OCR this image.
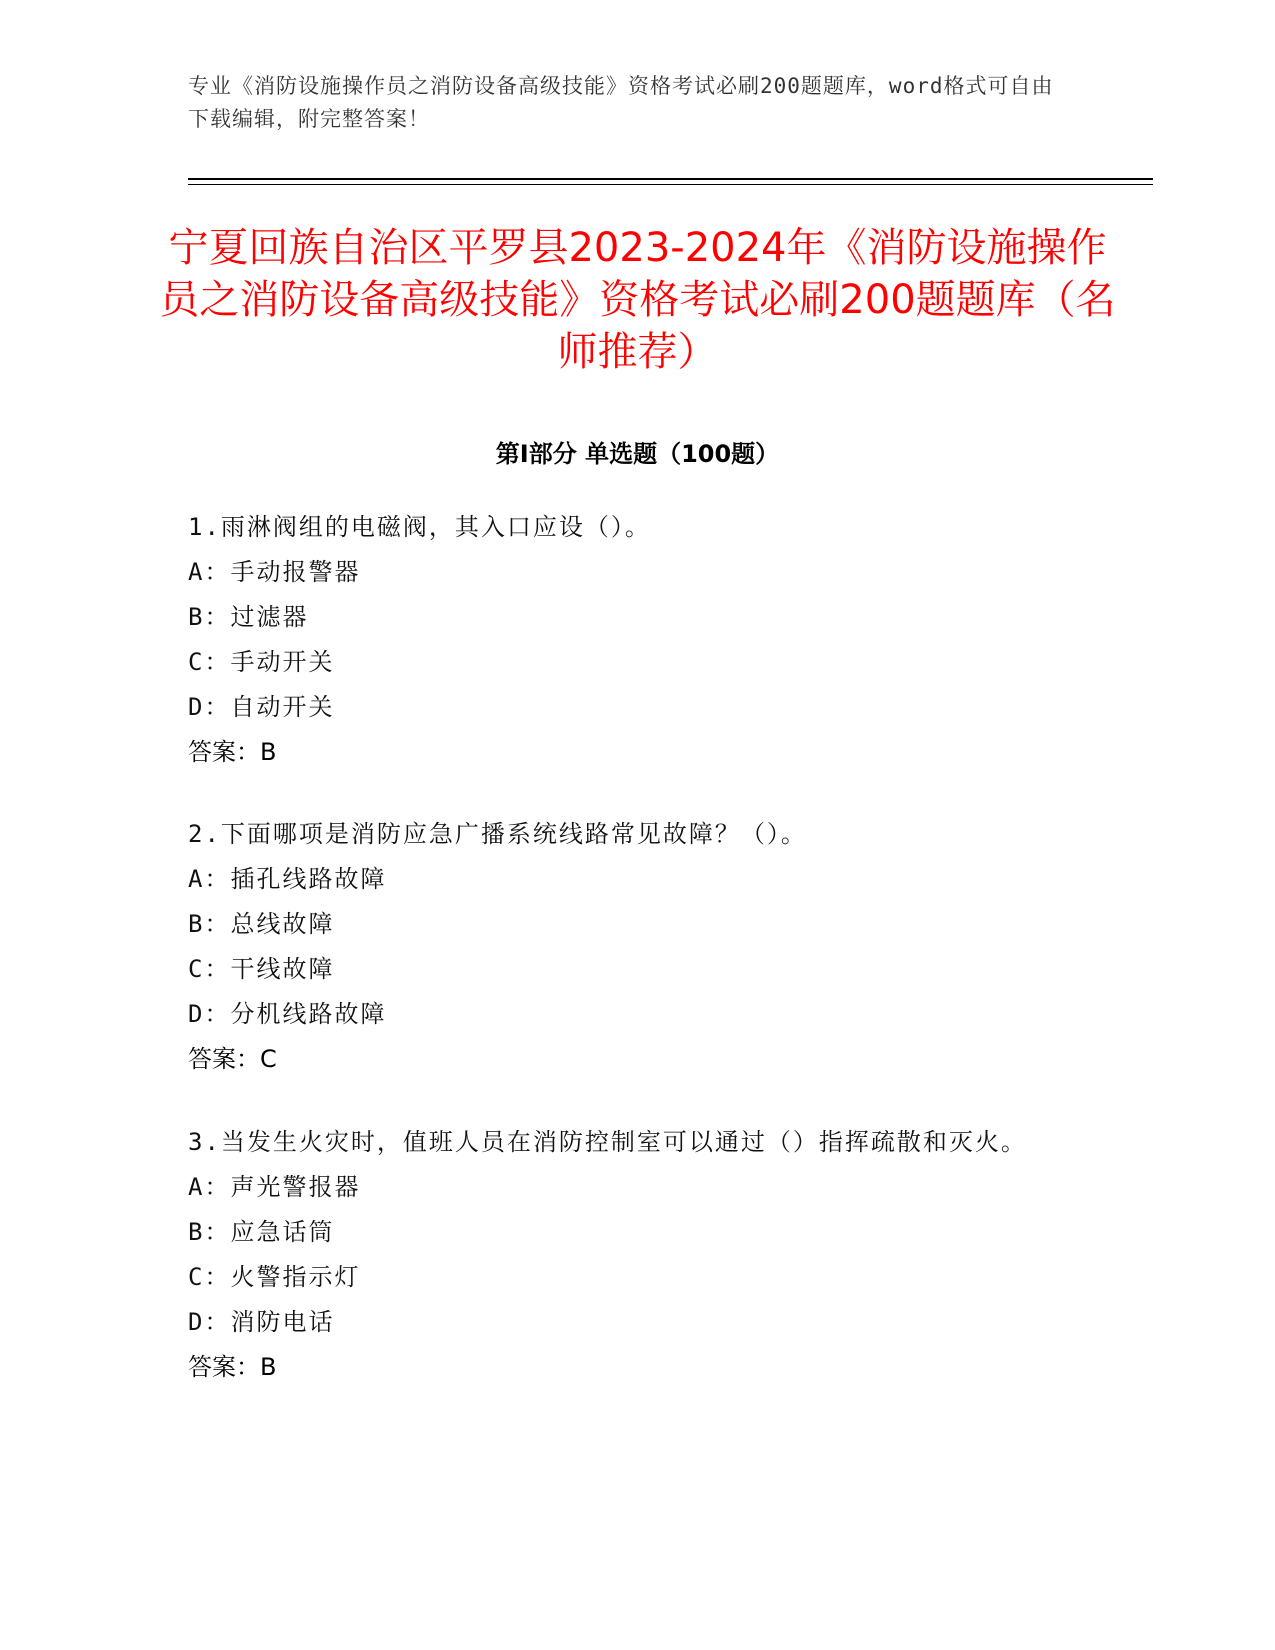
专业《消防设施操作员之消防设备高级技能》资格考试必刷200题题库，word格式可自由下载编辑，附完整答案！
宁夏回族自治区平罗县2023-2024年《消防设施操作员之消防设备高级技能》资格考试必刷200题题库（名师推荐）
第Ⅰ部分 单选题（100题）

1.雨淋阀组的电磁阀，其入口应设（）。

A：手动报警器

B：过滤器

C：手动开关

D：自动开关

答案：B

2.下面哪项是消防应急广播系统线路常见故障？（）。

A：插孔线路故障

B：总线故障

C：干线故障

D：分机线路故障

答案：C

3.当发生火灾时，值班人员在消防控制室可以通过（）指挥疏散和灭火。

A：声光警报器

B：应急话筒

C：火警指示灯

D：消防电话

答案：B
